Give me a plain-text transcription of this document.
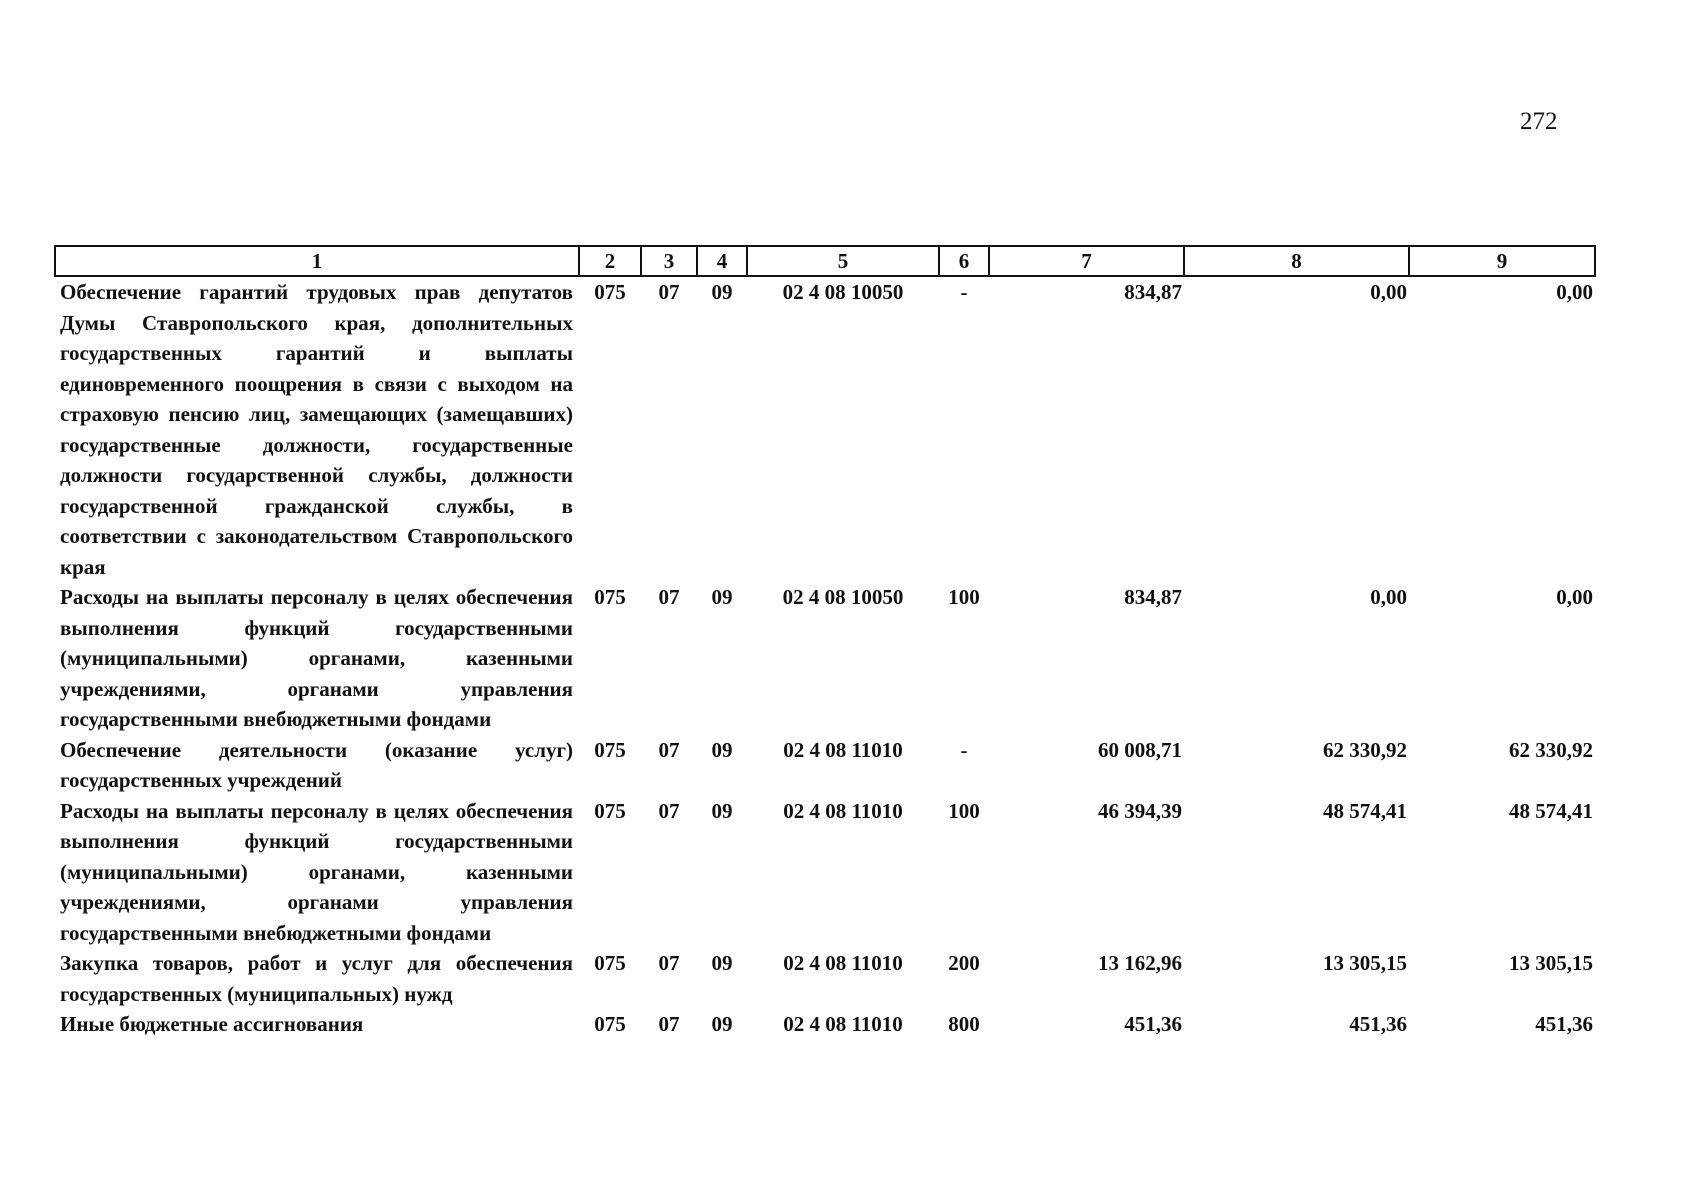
272
1	2	3	4	5	6	7	8	9
Обеспечение гарантий трудовых прав депутатов Думы Ставропольского края, дополнительных государственных гарантий и выплаты единовременного поощрения в связи с выходом на страховую пенсию лиц, замещающих (замещавших) государственные должности, государственные должности государственной службы, должности государственной гражданской службы, в соответствии с законодательством Ставропольского края	075	07	09	02 4 08 10050	-	834,87	0,00	0,00
Расходы на выплаты персоналу в целях обеспечения выполнения функций государственными (муниципальными) органами, казенными учреждениями, органами управления государственными внебюджетными фондами	075	07	09	02 4 08 10050	100	834,87	0,00	0,00
Обеспечение деятельности (оказание услуг) государственных учреждений	075	07	09	02 4 08 11010	-	60 008,71	62 330,92	62 330,92
Расходы на выплаты персоналу в целях обеспечения выполнения функций государственными (муниципальными) органами, казенными учреждениями, органами управления государственными внебюджетными фондами	075	07	09	02 4 08 11010	100	46 394,39	48 574,41	48 574,41
Закупка товаров, работ и услуг для обеспечения государственных (муниципальных) нужд	075	07	09	02 4 08 11010	200	13 162,96	13 305,15	13 305,15
Иные бюджетные ассигнования	075	07	09	02 4 08 11010	800	451,36	451,36	451,36
